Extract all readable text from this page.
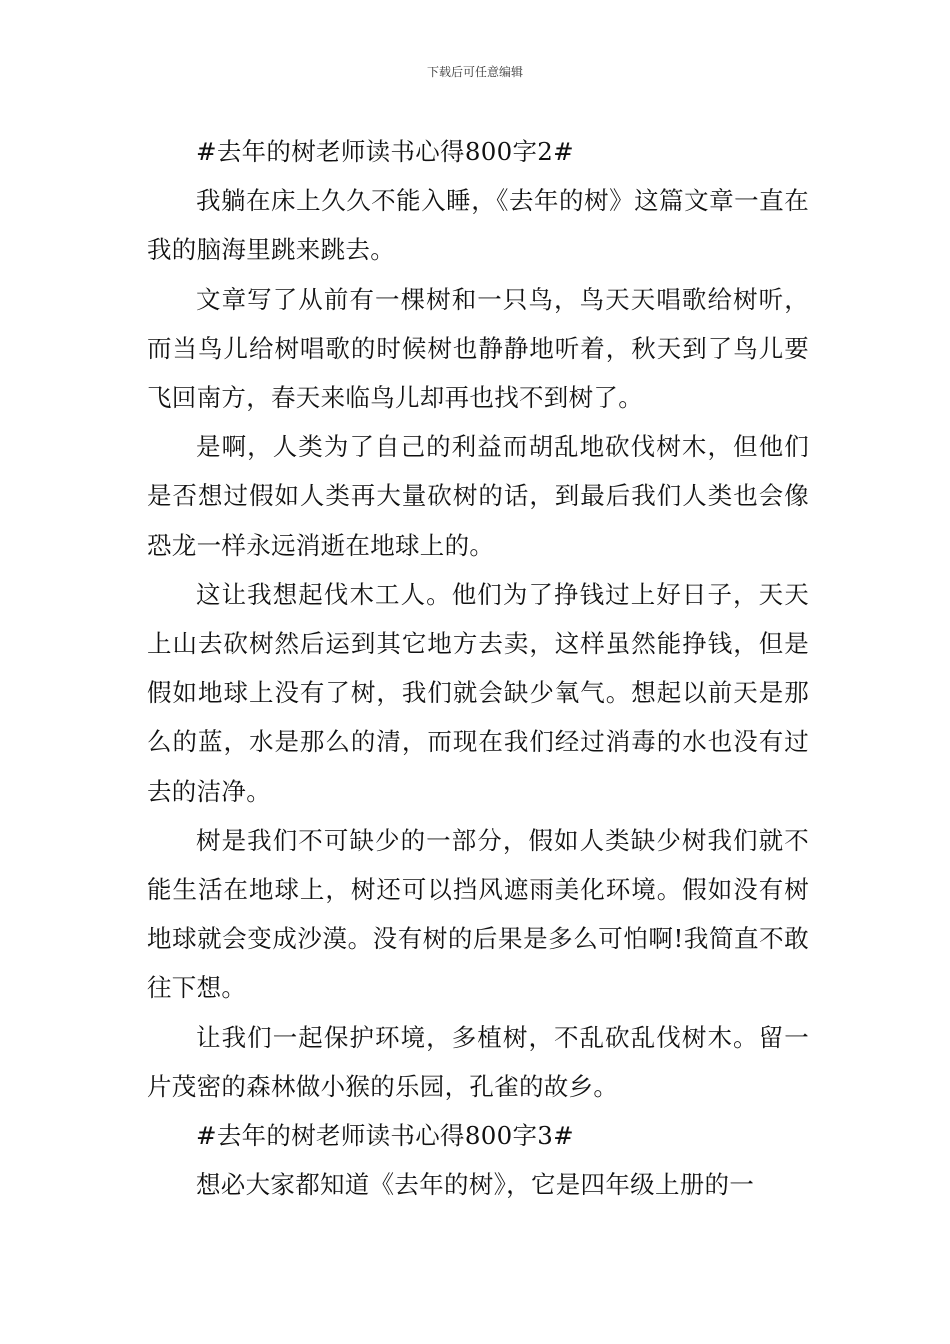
下载后可任意编辑

#去年的树老师读书心得800字2#

我躺在床上久久不能入睡，《去年的树》这篇文章一直在我的脑海里跳来跳去。

文章写了从前有一棵树和一只鸟，鸟天天唱歌给树听，而当鸟儿给树唱歌的时候树也静静地听着，秋天到了鸟儿要飞回南方，春天来临鸟儿却再也找不到树了。

是啊，人类为了自己的利益而胡乱地砍伐树木，但他们是否想过假如人类再大量砍树的话，到最后我们人类也会像恐龙一样永远消逝在地球上的。

这让我想起伐木工人。他们为了挣钱过上好日子，天天上山去砍树然后运到其它地方去卖，这样虽然能挣钱，但是假如地球上没有了树，我们就会缺少氧气。想起以前天是那么的蓝，水是那么的清，而现在我们经过消毒的水也没有过去的洁净。

树是我们不可缺少的一部分，假如人类缺少树我们就不能生活在地球上，树还可以挡风遮雨美化环境。假如没有树地球就会变成沙漠。没有树的后果是多么可怕啊!我简直不敢往下想。

让我们一起保护环境，多植树，不乱砍乱伐树木。留一片茂密的森林做小猴的乐园，孔雀的故乡。

#去年的树老师读书心得800字3#

想必大家都知道《去年的树》，它是四年级上册的一
